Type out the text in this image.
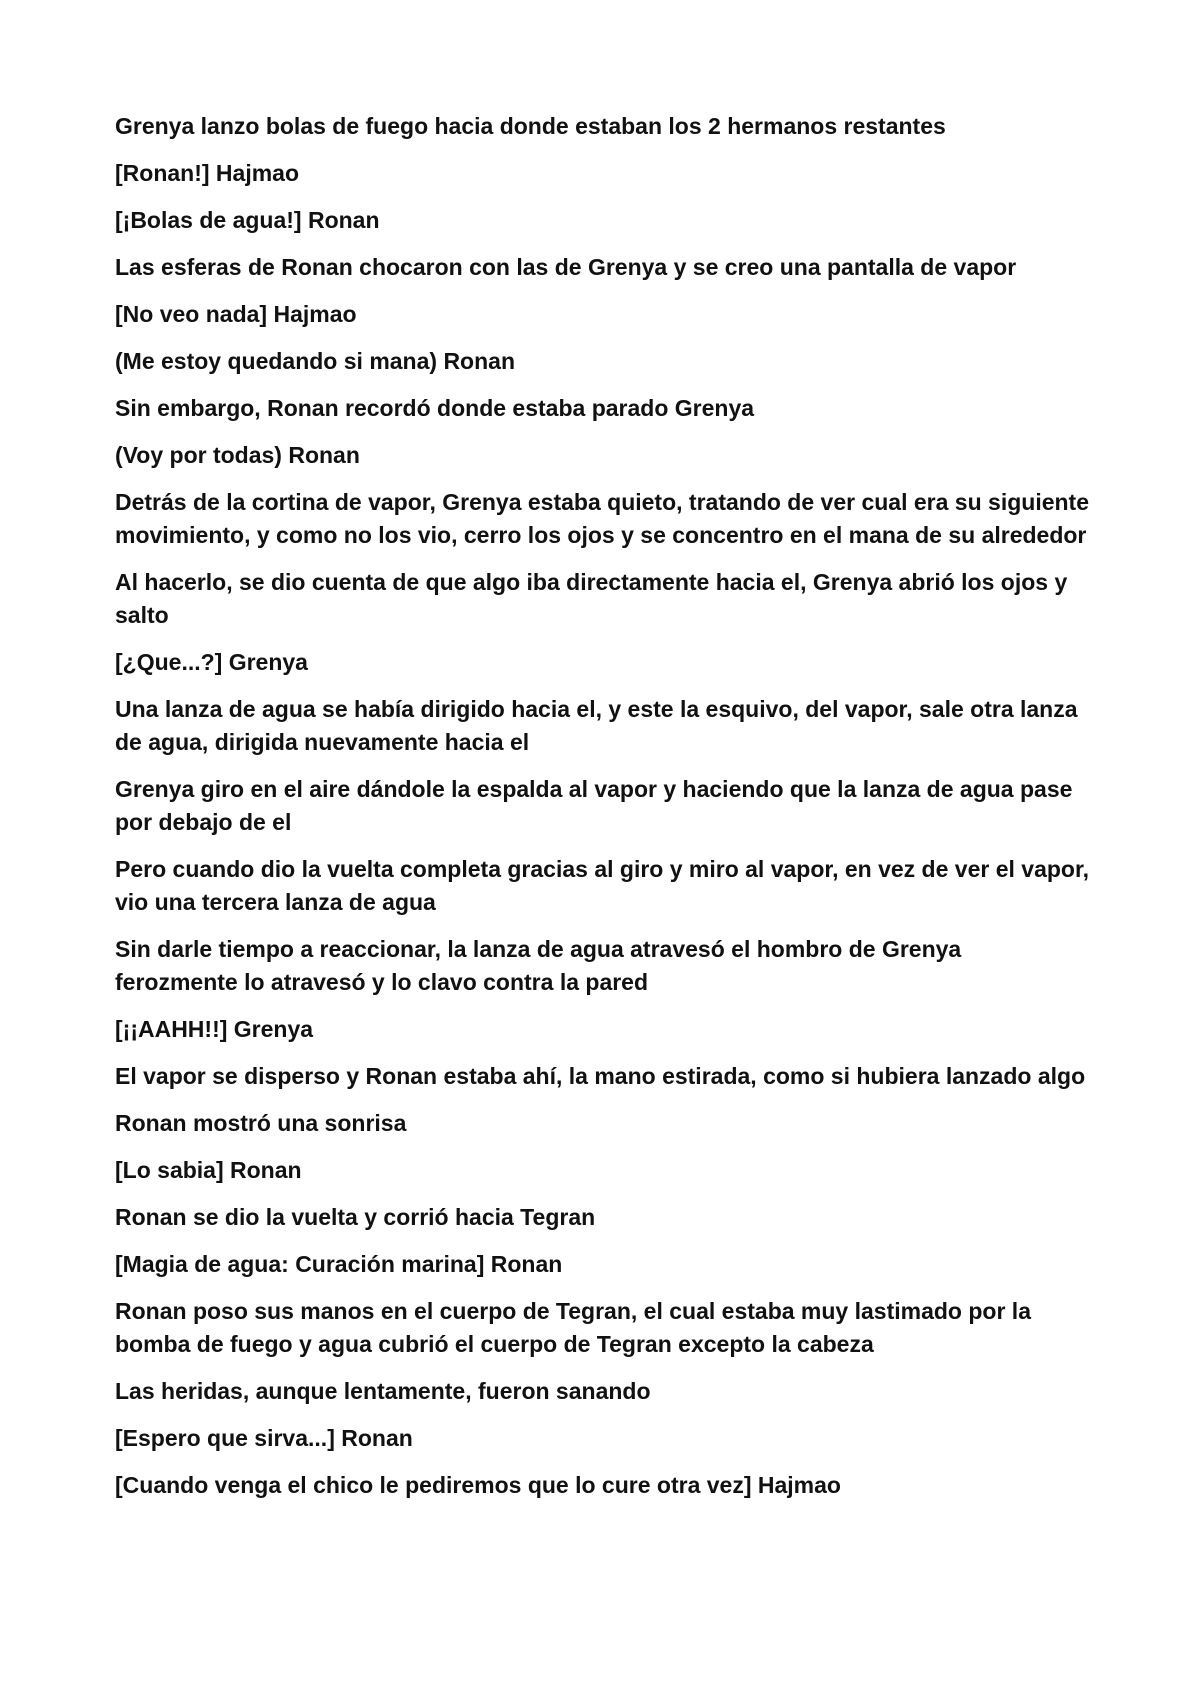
Grenya lanzo bolas de fuego hacia donde estaban los 2 hermanos restantes

[Ronan!] Hajmao

[¡Bolas de agua!] Ronan

Las esferas de Ronan chocaron con las de Grenya y se creo una pantalla de vapor

[No veo nada] Hajmao

(Me estoy quedando si mana) Ronan

Sin embargo, Ronan recordó donde estaba parado Grenya

(Voy por todas) Ronan

Detrás de la cortina de vapor, Grenya estaba quieto, tratando de ver cual era su siguiente movimiento, y como no los vio, cerro los ojos y se concentro en el mana de su alrededor

Al hacerlo, se dio cuenta de que algo iba directamente hacia el, Grenya abrió los ojos y salto

[¿Que...?] Grenya

Una lanza de agua se había dirigido hacia el, y este la esquivo, del vapor, sale otra lanza de agua, dirigida nuevamente hacia el

Grenya giro en el aire dándole la espalda al vapor y haciendo que la lanza de agua pase por debajo de el

Pero cuando dio la vuelta completa gracias al giro y miro al vapor, en vez de ver el vapor, vio una tercera lanza de agua

Sin darle tiempo a reaccionar, la lanza de agua atravesó el hombro de Grenya ferozmente lo atravesó y lo clavo contra la pared

[¡¡AAHH!!] Grenya

El vapor se disperso y Ronan estaba ahí, la mano estirada, como si hubiera lanzado algo

Ronan mostró una sonrisa

[Lo sabia] Ronan

Ronan se dio la vuelta y corrió hacia Tegran

[Magia de agua: Curación marina] Ronan

Ronan poso sus manos en el cuerpo de Tegran, el cual estaba muy lastimado por la bomba de fuego y agua cubrió el cuerpo de Tegran excepto la cabeza

Las heridas, aunque lentamente, fueron sanando

[Espero que sirva...] Ronan

[Cuando venga el chico le pediremos que lo cure otra vez] Hajmao
